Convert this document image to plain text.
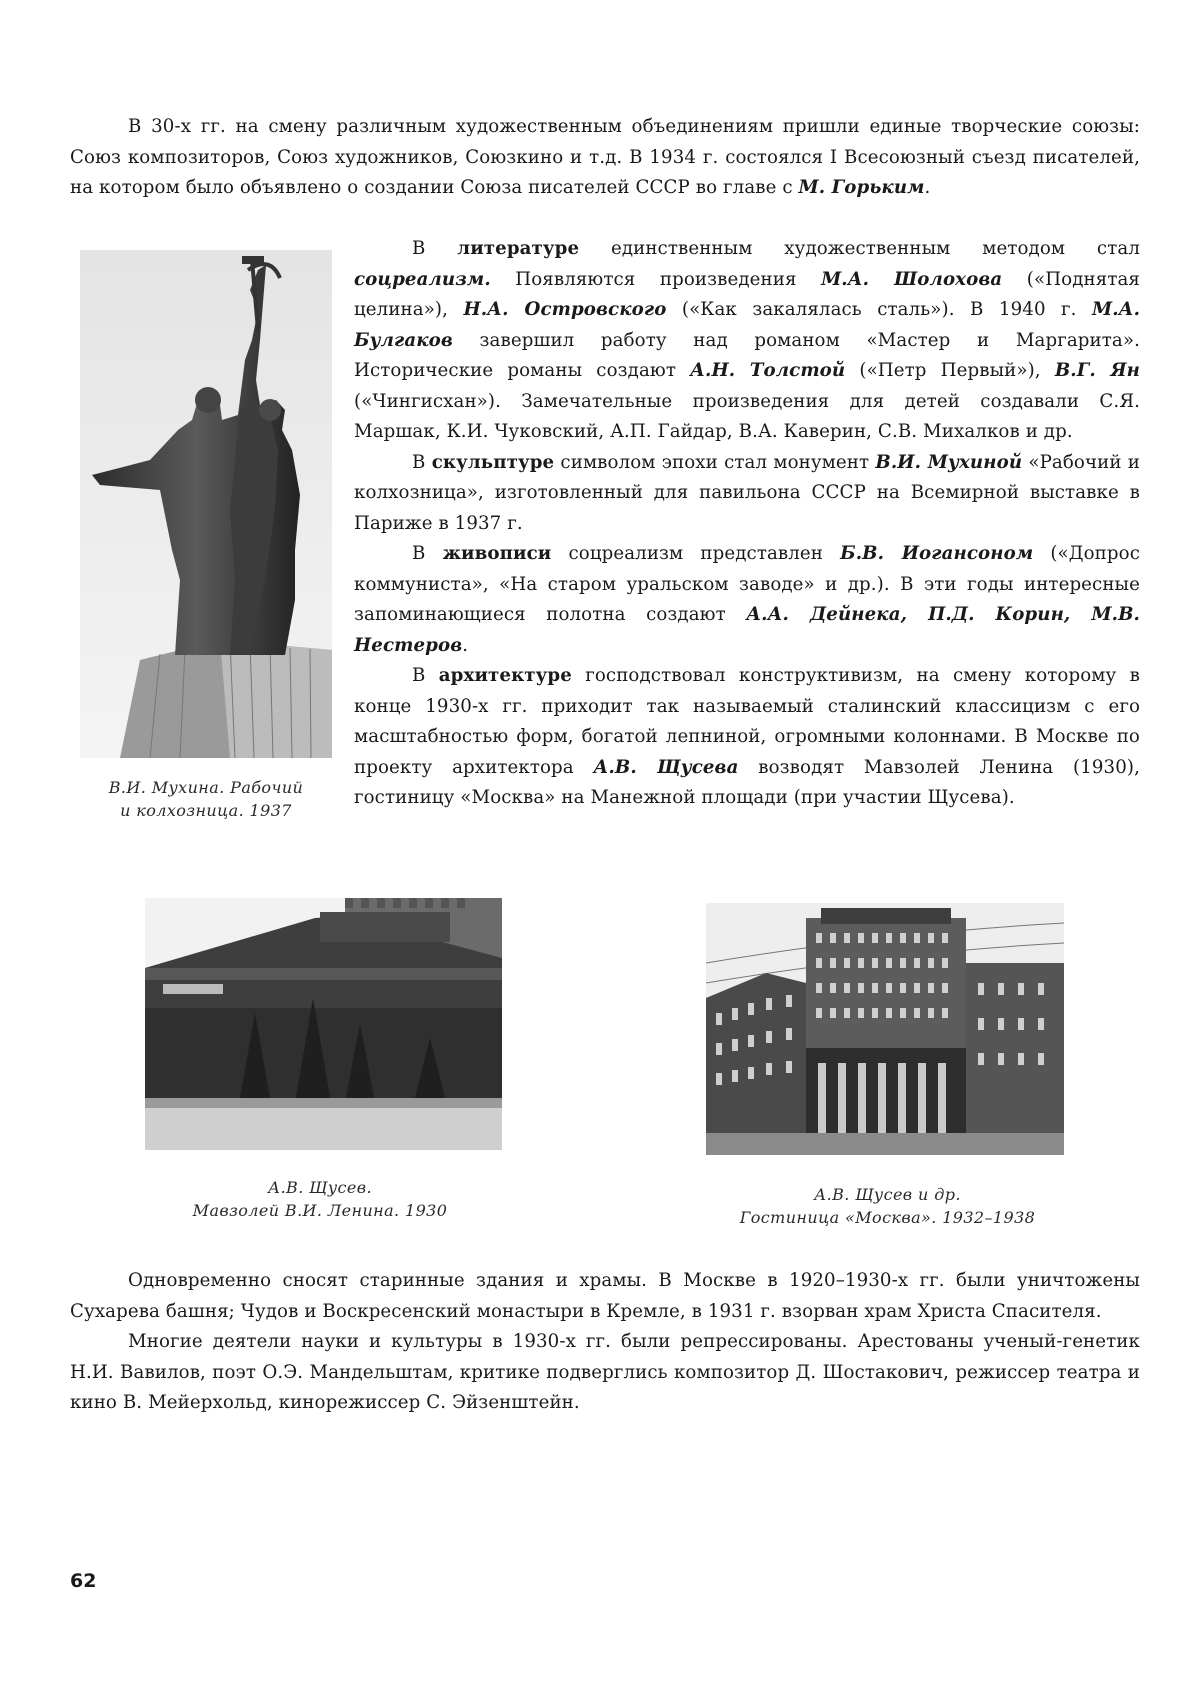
В 30-х гг. на смену различным художественным объединениям пришли единые творческие союзы: Союз композиторов, Союз художников, Союзкино и т.д. В 1934 г. состоялся I Всесоюзный съезд писателей, на котором было объявлено о создании Союза писателей СССР во главе с М. Горьким.

В.И. Мухина. Рабочий

и колхозница. 1937

В литературе единственным художественным методом стал соцреализм. Появляются произведения М.А. Шолохова («Поднятая целина»), Н.А. Островского («Как закалялась сталь»). В 1940 г. М.А. Булгаков завершил работу над романом «Мастер и Маргарита». Исторические романы создают А.Н. Толстой («Петр Первый»), В.Г. Ян («Чингисхан»). Замечательные произведения для детей создавали С.Я. Маршак, К.И. Чуковский, А.П. Гайдар, В.А. Каверин, С.В. Михалков и др.

В скульптуре символом эпохи стал монумент В.И. Мухиной «Рабочий и колхозница», изготовленный для павильона СССР на Всемирной выставке в Париже в 1937 г.

В живописи соцреализм представлен Б.В. Иогансоном («Допрос коммуниста», «На старом уральском заводе» и др.). В эти годы интересные запоминающиеся полотна создают А.А. Дейнека, П.Д. Корин, М.В. Нестеров.

В архитектуре господствовал конструктивизм, на смену которому в конце 1930-х гг. приходит так называемый сталинский классицизм с его масштабностью форм, богатой лепниной, огромными колоннами. В Москве по проекту архитектора А.В. Щусева возводят Мавзолей Ленина (1930), гостиницу «Москва» на Манежной площади (при участии Щусева).

А.В. Щусев.

Мавзолей В.И. Ленина. 1930

А.В. Щусев и др.

Гостиница «Москва». 1932–1938

Одновременно сносят старинные здания и храмы. В Москве в 1920–1930-х гг. были уничтожены Сухарева башня; Чудов и Воскресенский монастыри в Кремле, в 1931 г. взорван храм Христа Спасителя.

Многие деятели науки и культуры в 1930-х гг. были репрессированы. Арестованы ученый-генетик Н.И. Вавилов, поэт О.Э. Мандельштам, критике подверглись композитор Д. Шостакович, режиссер театра и кино В. Мейерхольд, кинорежиссер С. Эйзенштейн.

62
